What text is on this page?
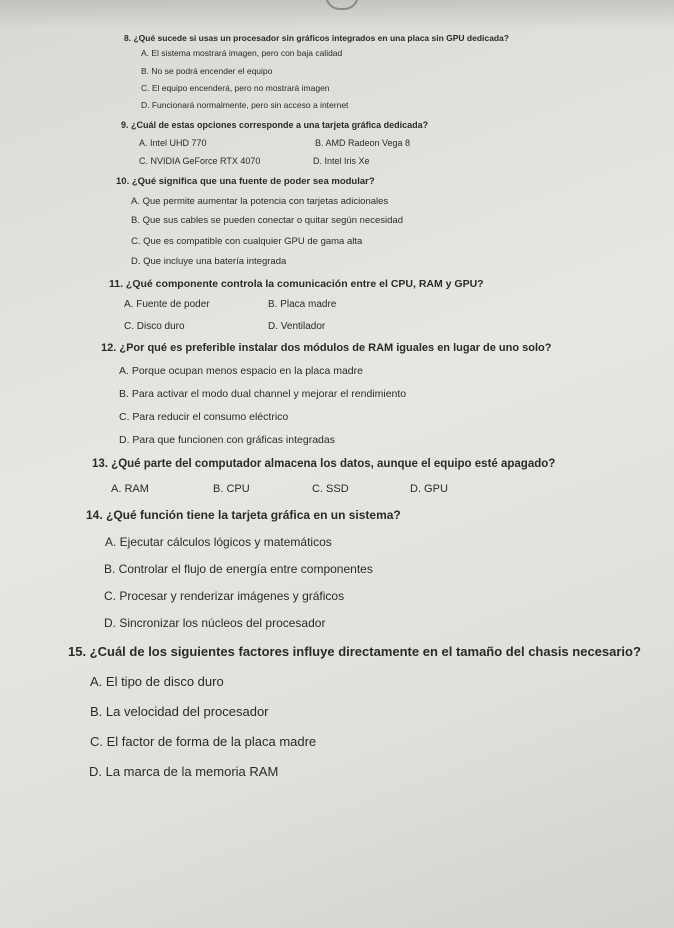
8. ¿Qué sucede si usas un procesador sin gráficos integrados en una placa sin GPU dedicada?
A. El sistema mostrará imagen, pero con baja calidad
B. No se podrá encender el equipo
C. El equipo encenderá, pero no mostrará imagen
D. Funcionará normalmente, pero sin acceso a internet
9. ¿Cuál de estas opciones corresponde a una tarjeta gráfica dedicada?
A. Intel UHD 770	B. AMD Radeon Vega 8
C. NVIDIA GeForce RTX 4070	D. Intel Iris Xe
10. ¿Qué significa que una fuente de poder sea modular?
A. Que permite aumentar la potencia con tarjetas adicionales
B. Que sus cables se pueden conectar o quitar según necesidad
C. Que es compatible con cualquier GPU de gama alta
D. Que incluye una batería integrada
11. ¿Qué componente controla la comunicación entre el CPU, RAM y GPU?
A. Fuente de poder	B. Placa madre
C. Disco duro	D. Ventilador
12. ¿Por qué es preferible instalar dos módulos de RAM iguales en lugar de uno solo?
A. Porque ocupan menos espacio en la placa madre
B. Para activar el modo dual channel y mejorar el rendimiento
C. Para reducir el consumo eléctrico
D. Para que funcionen con gráficas integradas
13. ¿Qué parte del computador almacena los datos, aunque el equipo esté apagado?
A. RAM	B. CPU	C. SSD	D. GPU
14. ¿Qué función tiene la tarjeta gráfica en un sistema?
A. Ejecutar cálculos lógicos y matemáticos
B. Controlar el flujo de energía entre componentes
C. Procesar y renderizar imágenes y gráficos
D. Sincronizar los núcleos del procesador
15. ¿Cuál de los siguientes factores influye directamente en el tamaño del chasis necesario?
A. El tipo de disco duro
B. La velocidad del procesador
C. El factor de forma de la placa madre
D. La marca de la memoria RAM
